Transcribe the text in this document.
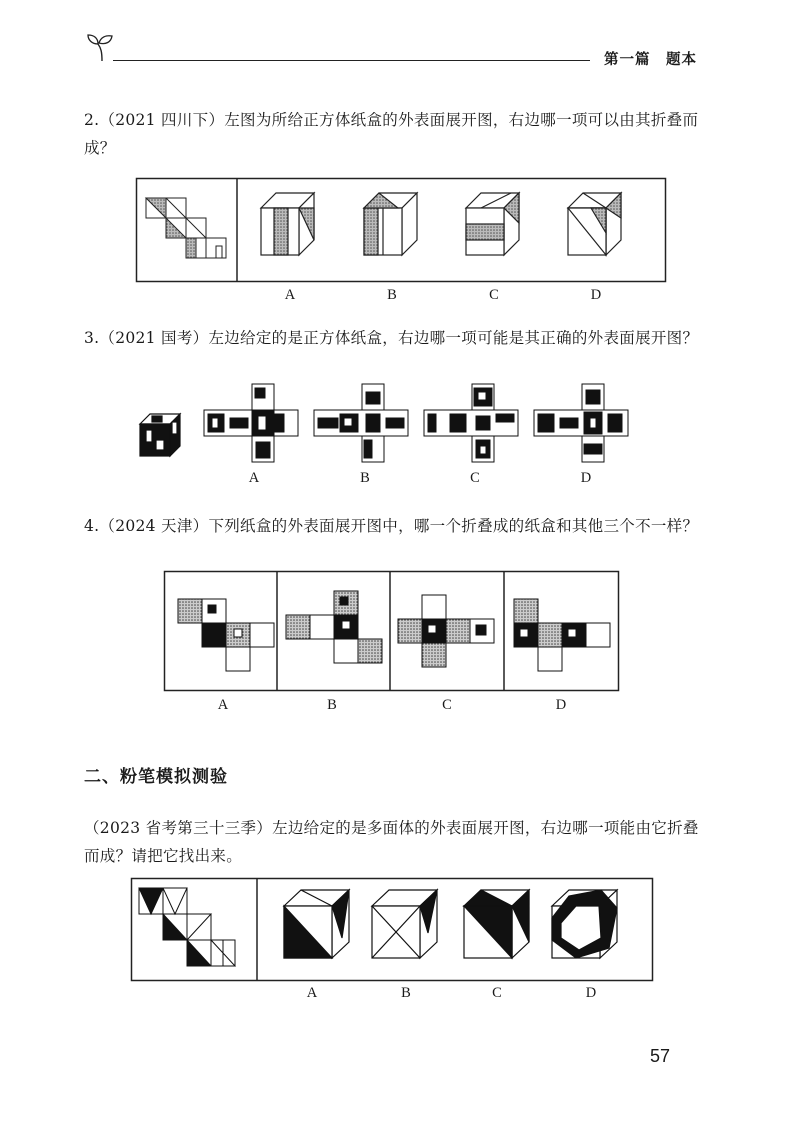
第一篇　题本
2.（2021 四川下）左图为所给正方体纸盒的外表面展开图，右边哪一项可以由其折叠而成？
A	B	C	D
3.（2021 国考）左边给定的是正方体纸盒，右边哪一项可能是其正确的外表面展开图？
A	B	C	D
4.（2024 天津）下列纸盒的外表面展开图中，哪一个折叠成的纸盒和其他三个不一样？
A	B	C	D
二、粉笔模拟测验
（2023 省考第三十三季）左边给定的是多面体的外表面展开图，右边哪一项能由它折叠而成？请把它找出来。
A	B	C	D
57
